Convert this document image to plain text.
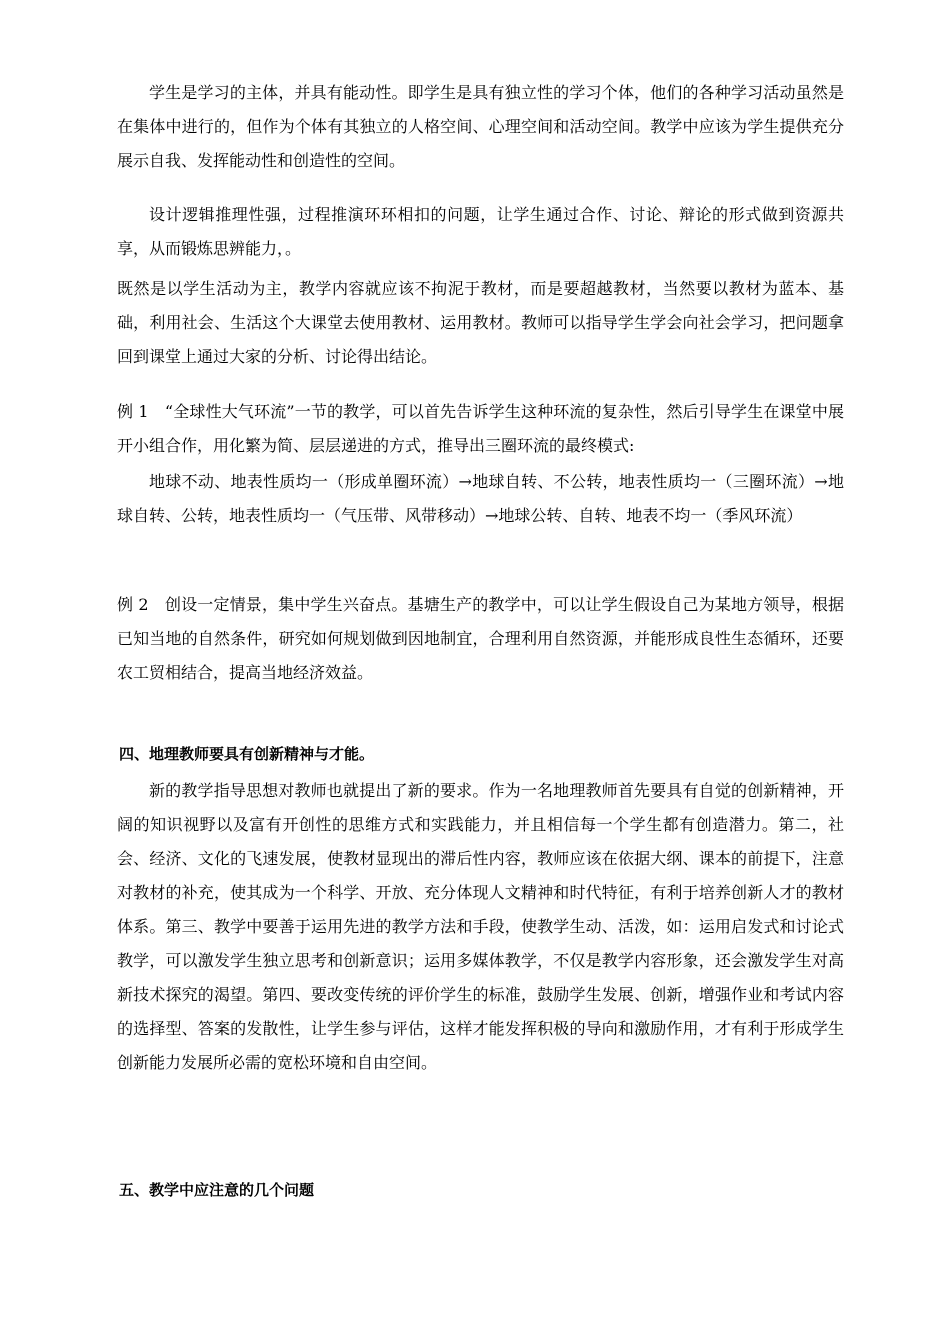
学生是学习的主体，并具有能动性。即学生是具有独立性的学习个体，他们的各种学习活动虽然是在集体中进行的，但作为个体有其独立的人格空间、心理空间和活动空间。教学中应该为学生提供充分展示自我、发挥能动性和创造性的空间。

设计逻辑推理性强，过程推演环环相扣的问题，让学生通过合作、讨论、辩论的形式做到资源共享，从而锻炼思辨能力，。

既然是以学生活动为主，教学内容就应该不拘泥于教材，而是要超越教材，当然要以教材为蓝本、基础，利用社会、生活这个大课堂去使用教材、运用教材。教师可以指导学生学会向社会学习，把问题拿回到课堂上通过大家的分析、讨论得出结论。

例 1　“全球性大气环流”一节的教学，可以首先告诉学生这种环流的复杂性，然后引导学生在课堂中展开小组合作，用化繁为简、层层递进的方式，推导出三圈环流的最终模式:

地球不动、地表性质均一（形成单圈环流）→地球自转、不公转，地表性质均一（三圈环流）→地球自转、公转，地表性质均一（气压带、风带移动）→地球公转、自转、地表不均一（季风环流）

例 2　创设一定情景，集中学生兴奋点。基塘生产的教学中，可以让学生假设自己为某地方领导，根据已知当地的自然条件，研究如何规划做到因地制宜，合理利用自然资源，并能形成良性生态循环，还要农工贸相结合，提高当地经济效益。

四、地理教师要具有创新精神与才能。

新的教学指导思想对教师也就提出了新的要求。作为一名地理教师首先要具有自觉的创新精神，开阔的知识视野以及富有开创性的思维方式和实践能力，并且相信每一个学生都有创造潜力。第二，社会、经济、文化的飞速发展，使教材显现出的滞后性内容，教师应该在依据大纲、课本的前提下，注意对教材的补充，使其成为一个科学、开放、充分体现人文精神和时代特征，有利于培养创新人才的教材体系。第三、教学中要善于运用先进的教学方法和手段，使教学生动、活泼，如：运用启发式和讨论式教学，可以激发学生独立思考和创新意识；运用多媒体教学，不仅是教学内容形象，还会激发学生对高新技术探究的渴望。第四、要改变传统的评价学生的标准，鼓励学生发展、创新，增强作业和考试内容的选择型、答案的发散性，让学生参与评估，这样才能发挥积极的导向和激励作用，才有利于形成学生创新能力发展所必需的宽松环境和自由空间。

五、教学中应注意的几个问题
